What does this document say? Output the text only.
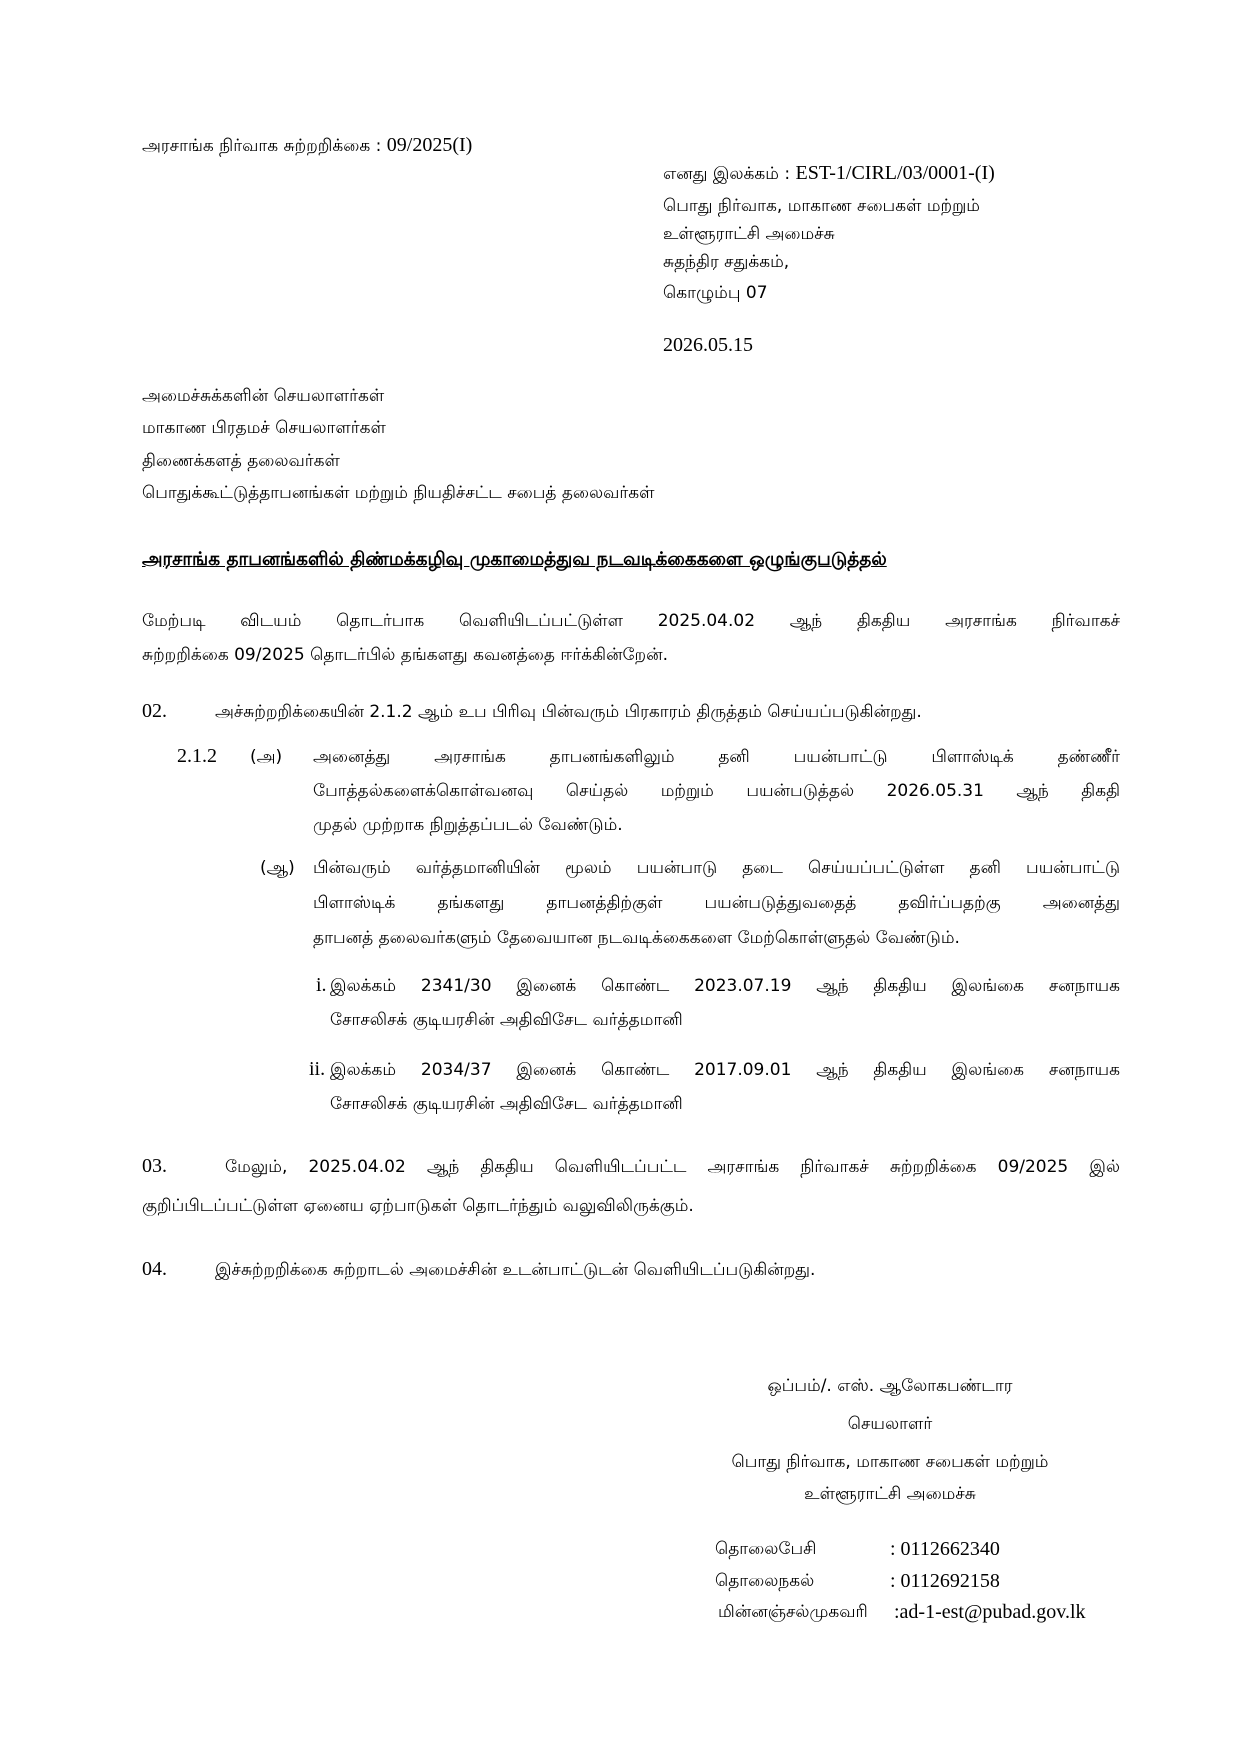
அரசாங்க நிர்வாக சுற்றறிக்கை : 09/2025(I)
எனது இலக்கம் : EST-1/CIRL/03/0001-(I)
பொது நிர்வாக, மாகாண சபைகள் மற்றும்
உள்ளூராட்சி அமைச்சு
சுதந்திர சதுக்கம்,
கொழும்பு 07
2026.05.15
அமைச்சுக்களின் செயலாளர்கள்
மாகாண பிரதமச் செயலாளர்கள்
திணைக்களத் தலைவர்கள்
பொதுக்கூட்டுத்தாபனங்கள் மற்றும் நியதிச்சட்ட சபைத் தலைவர்கள்
அரசாங்க தாபனங்களில் திண்மக்கழிவு முகாமைத்துவ நடவடிக்கைகளை ஒழுங்குபடுத்தல்
மேற்படி விடயம் தொடர்பாக வெளியிடப்பட்டுள்ள 2025.04.02 ஆந் திகதிய அரசாங்க நிர்வாகச்
சுற்றறிக்கை 09/2025 தொடர்பில் தங்களது கவனத்தை ஈர்க்கின்றேன்.
02.	அச்சுற்றறிக்கையின் 2.1.2 ஆம் உப பிரிவு பின்வரும் பிரகாரம் திருத்தம் செய்யப்படுகின்றது.
2.1.2 (அ) அனைத்து அரசாங்க தாபனங்களிலும் தனி பயன்பாட்டு பிளாஸ்டிக் தண்ணீர்
போத்தல்களைக்கொள்வனவு செய்தல் மற்றும் பயன்படுத்தல் 2026.05.31 ஆந் திகதி
முதல் முற்றாக நிறுத்தப்படல் வேண்டும்.
(ஆ) பின்வரும் வர்த்தமானியின் மூலம் பயன்பாடு தடை செய்யப்பட்டுள்ள தனி பயன்பாட்டு
பிளாஸ்டிக் தங்களது தாபனத்திற்குள் பயன்படுத்துவதைத் தவிர்ப்பதற்கு அனைத்து
தாபனத் தலைவர்களும் தேவையான நடவடிக்கைகளை மேற்கொள்ளுதல் வேண்டும்.
i. இலக்கம் 2341/30 இனைக் கொண்ட 2023.07.19 ஆந் திகதிய இலங்கை சனநாயக
சோசலிசக் குடியரசின் அதிவிசேட வர்த்தமானி
ii. இலக்கம் 2034/37 இனைக் கொண்ட 2017.09.01 ஆந் திகதிய இலங்கை சனநாயக
சோசலிசக் குடியரசின் அதிவிசேட வர்த்தமானி
03.	மேலும், 2025.04.02 ஆந் திகதிய வெளியிடப்பட்ட அரசாங்க நிர்வாகச் சுற்றறிக்கை 09/2025 இல்
குறிப்பிடப்பட்டுள்ள ஏனைய ஏற்பாடுகள் தொடர்ந்தும் வலுவிலிருக்கும்.
04.	இச்சுற்றறிக்கை சுற்றாடல் அமைச்சின் உடன்பாட்டுடன் வெளியிடப்படுகின்றது.
ஒப்பம்/. எஸ். ஆலோகபண்டார
செயலாளர்
பொது நிர்வாக, மாகாண சபைகள் மற்றும்
உள்ளூராட்சி அமைச்சு
தொலைபேசி	: 0112662340
தொலைநகல்	: 0112692158
மின்னஞ்சல்முகவரி :ad-1-est@pubad.gov.lk
